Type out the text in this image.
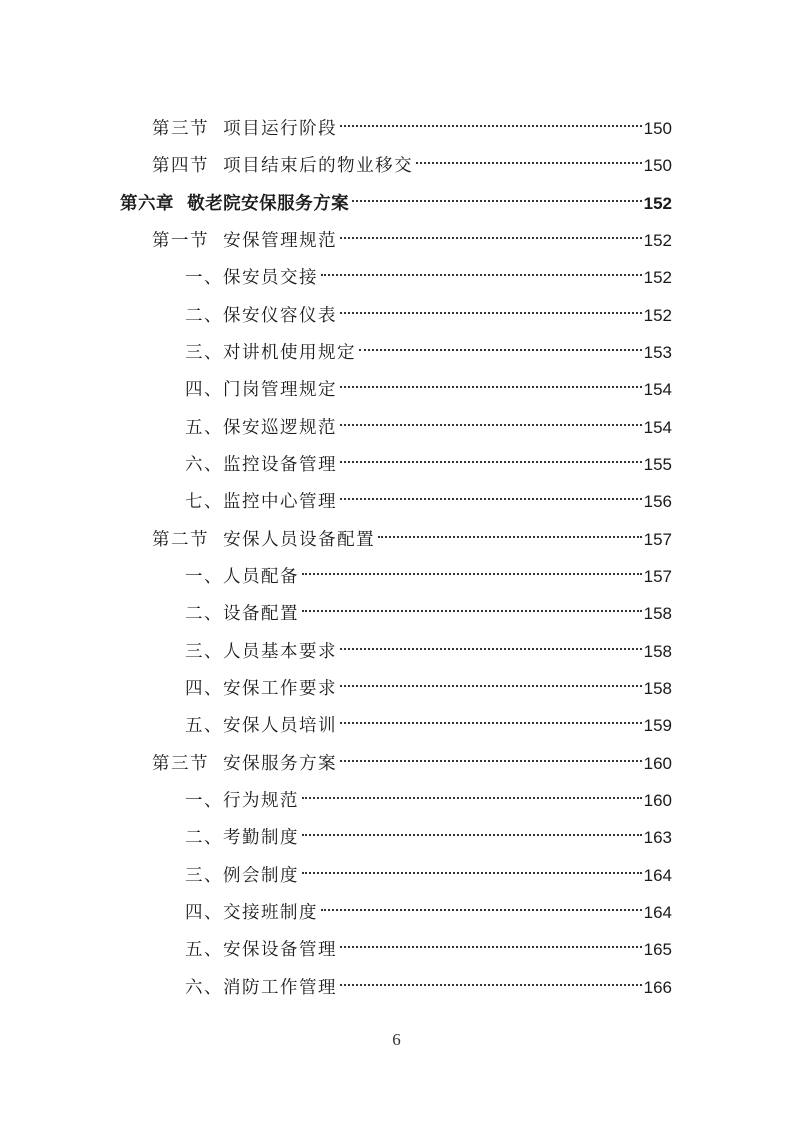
第三节 项目运行阶段	150
第四节 项目结束后的物业移交	150
第六章 敬老院安保服务方案	152
第一节 安保管理规范	152
一、保安员交接	152
二、保安仪容仪表	152
三、对讲机使用规定	153
四、门岗管理规定	154
五、保安巡逻规范	154
六、监控设备管理	155
七、监控中心管理	156
第二节 安保人员设备配置	157
一、人员配备	157
二、设备配置	158
三、人员基本要求	158
四、安保工作要求	158
五、安保人员培训	159
第三节 安保服务方案	160
一、行为规范	160
二、考勤制度	163
三、例会制度	164
四、交接班制度	164
五、安保设备管理	165
六、消防工作管理	166
6
